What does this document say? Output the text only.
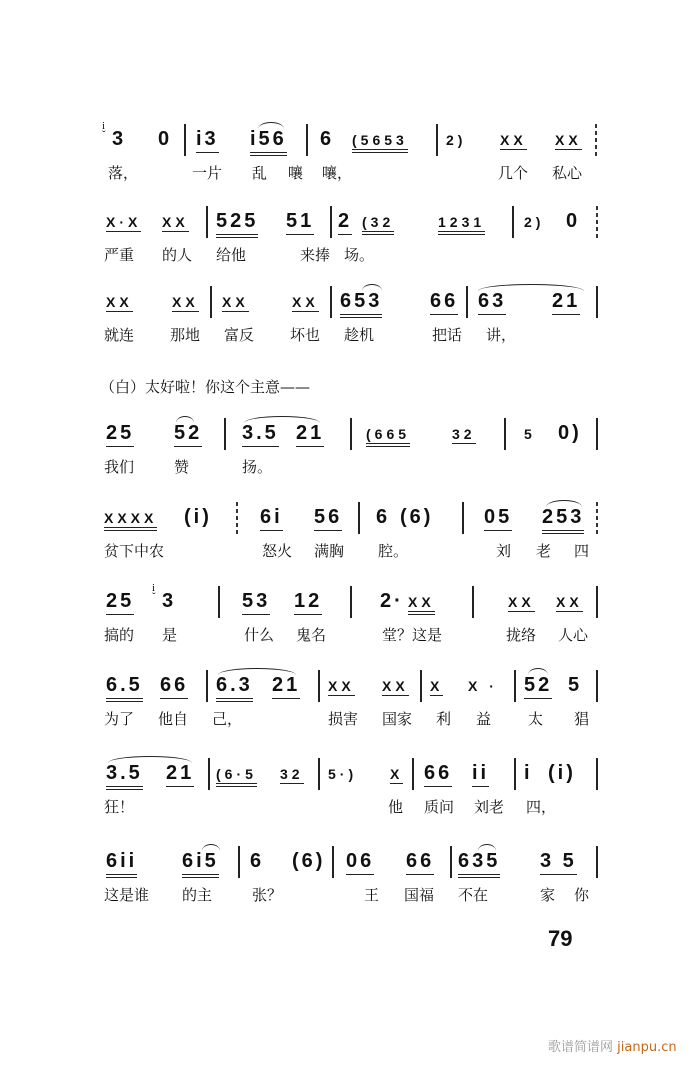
i
ˇ 3 0 i3 i56 6 (5653	2) XX XX
落，	一片 乱 嚷 嚷，	几个 私心
X·X XX 525 51 2 (32	1231	2) 0
严重 的人 给他	来捧 场。
XX	XX XX	XX 653 66 63 21
就连 那地 富反 坏也 趁机	把话 讲，
（白）太好啦！你这个主意——
25 52 3.5 21	(665	32	5 0)
我们	赞	扬。
XXXX (i) 6i 56 6 (6)	05 253
贫下中农	怒火 满胸 腔。	刘 老 四
25
i
ˇ 3	53 12	2· XX	XX XX
搞的 是	什么 鬼名	堂？这是	拢络 人心
6.5 66 6.3 21 XX XX X X · 52 5
为了 他自 己，	损害 国家 利 益 太 猖
3.5 21 (6·5 32 5·) X 66 ii i (i)
狂！	他 质问 刘老 四，
6ii 6i5 6 (6) 06 66 635 3 5
这是谁 的主	张？	王 国福 不在	家 你
79
歌谱简谱网 jianpu.cn
